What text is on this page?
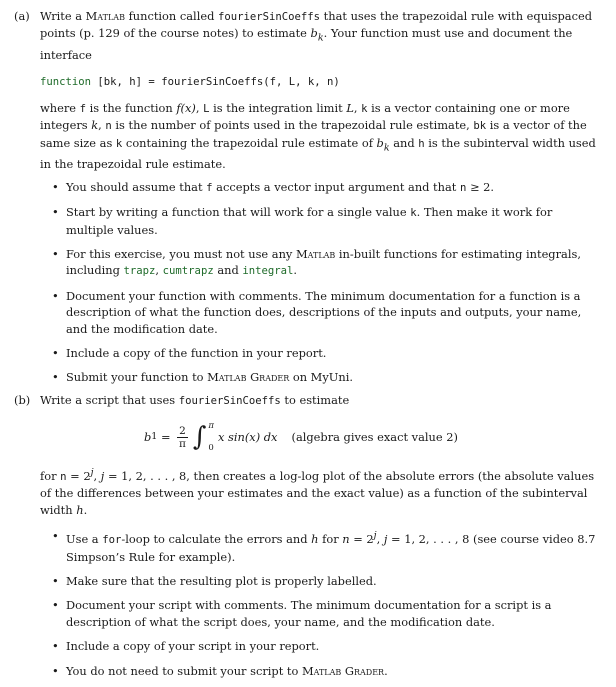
(a) Write a Matlab function called fourierSinCoeffs that uses the trapezoidal rule with equispaced points (p. 129 of the course notes) to estimate $b_k$. Your function must use and document the interface

function [bk, h] = fourierSinCoeffs(f, L, k, n)

where f is the function f(x), L is the integration limit L, k is a vector containing one or more integers k, n is the number of points used in the trapezoidal rule estimate, bk is a vector of the same size as k containing the trapezoidal rule estimate of $b_k$ and h is the subinterval width used in the trapezoidal rule estimate.

• You should assume that f accepts a vector input argument and that n ≥ 2.
• Start by writing a function that will work for a single value k. Then make it work for multiple values.
• For this exercise, you must not use any Matlab in-built functions for estimating integrals, including trapz, cumtrapz and integral.
• Document your function with comments. The minimum documentation for a function is a description of what the function does, descriptions of the inputs and outputs, your name, and the modification date.
• Include a copy of the function in your report.
• Submit your function to Matlab Grader on MyUni.
(b) Write a script that uses fourierSinCoeffs to estimate

b $1 = \frac{2}{\pi}$ ∫ π
0
x sin(x) dx (algebra gives exact value 2)

for $n = 2^j$, j = 1, 2, . . . , 8, then creates a log-log plot of the absolute errors (the absolute values of the differences between your estimates and the exact value) as a function of the subinterval width h.

• Use a for-loop to calculate the errors and h for $n = 2^j$, j = 1, 2, . . . , 8 (see course video 8.7 Simpson’s Rule for example).
• Make sure that the resulting plot is properly labelled.
• Document your script with comments. The minimum documentation for a script is a description of what the script does, your name, and the modification date.
• Include a copy of your script in your report.
• You do not need to submit your script to Matlab Grader.
